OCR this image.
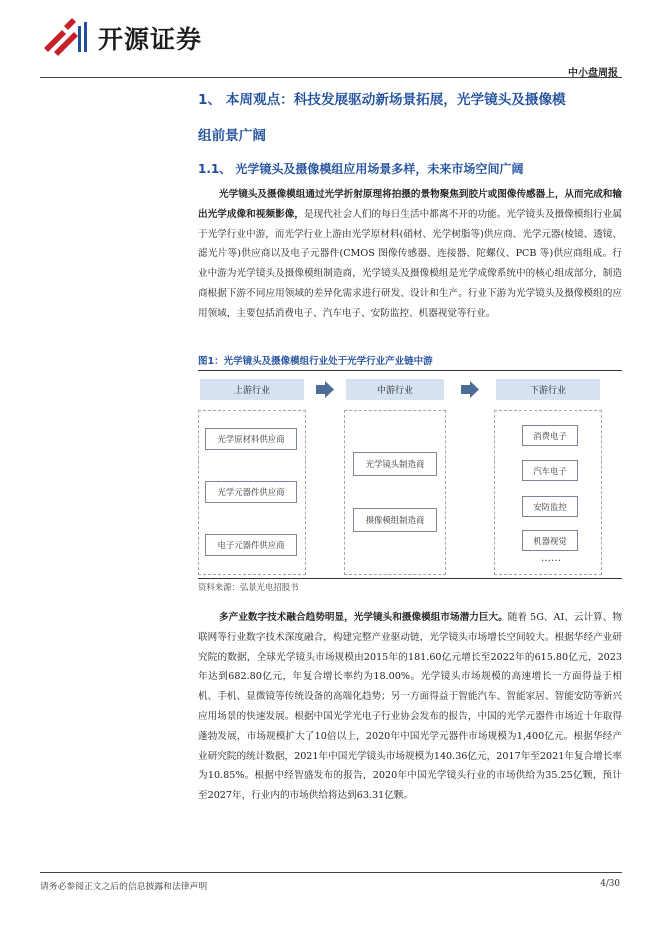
开源证券
中小盘周报
1、 本周观点：科技发展驱动新场景拓展，光学镜头及摄像模
组前景广阔
1.1、 光学镜头及摄像模组应用场景多样，未来市场空间广阔
光学镜头及摄像模组通过光学折射原理将拍摄的景物聚焦到胶片或图像传感器上，从而完成和输出光学成像和视频影像，是现代社会人们的每日生活中都离不开的功能。光学镜头及摄像模组行业属于光学行业中游，而光学行业上游由光学原材料(硝材、光学树脂等)供应商、光学元器(棱镜、透镜、滤光片等)供应商以及电子元器件(CMOS 图像传感器、连接器、陀螺仪、PCB 等)供应商组成。行业中游为光学镜头及摄像模组制造商，光学镜头及摄像模组是光学成像系统中的核心组成部分，制造商根据下游不同应用领域的差异化需求进行研发、设计和生产。行业下游为光学镜头及摄像模组的应用领域，主要包括消费电子、汽车电子、安防监控、机器视觉等行业。
图1：光学镜头及摄像模组行业处于光学行业产业链中游
上游行业	中游行业	下游行业
光学原材料供应商
光学元器件供应商
电子元器件供应商
光学镜头制造商
摄像模组制造商
消费电子
汽车电子
安防监控
机器视觉
……
资料来源：弘景光电招股书
多产业数字技术融合趋势明显，光学镜头和摄像模组市场潜力巨大。随着 5G、AI、云计算、物联网等行业数字技术深度融合，构建完整产业驱动链，光学镜头市场增长空间较大。根据华经产业研究院的数据，全球光学镜头市场规模由2015年的181.60亿元增长至2022年的615.80亿元，2023年达到682.80亿元，年复合增长率约为18.00%。光学镜头市场规模的高速增长一方面得益于相机、手机、显微镜等传统设备的高端化趋势；另一方面得益于智能汽车、智能家居、智能安防等新兴应用场景的快速发展。根据中国光学光电子行业协会发布的报告，中国的光学元器件市场近十年取得蓬勃发展，市场规模扩大了10倍以上，2020年中国光学元器件市场规模为1,400亿元。根据华经产业研究院的统计数据，2021年中国光学镜头市场规模为140.36亿元，2017年至2021年复合增长率为10.85%。根据中经智盛发布的报告，2020年中国光学镜头行业的市场供给为35.25亿颗，预计至2027年，行业内的市场供给将达到63.31亿颗。
请务必参阅正文之后的信息披露和法律声明	4/30
